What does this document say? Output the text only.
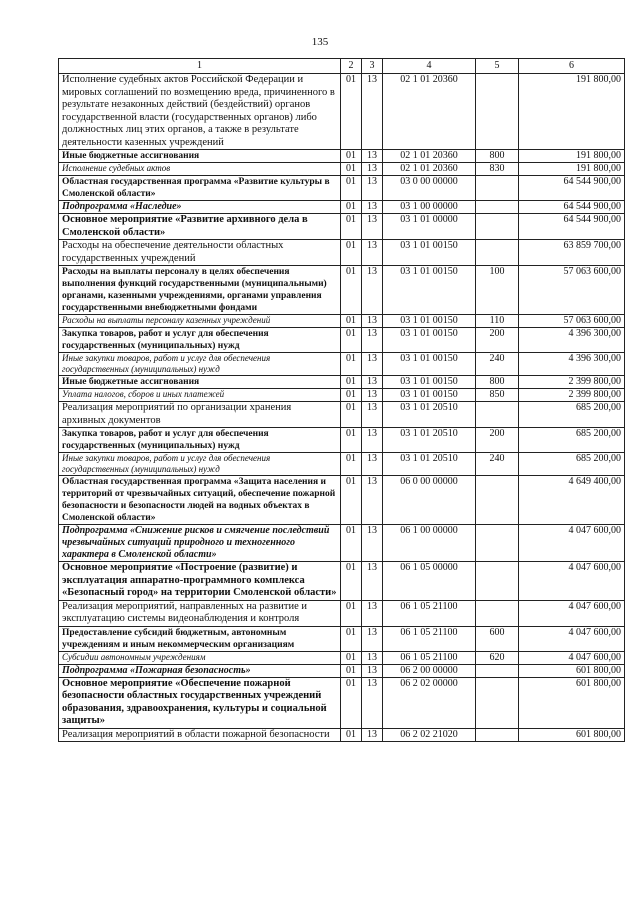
135
1	2	3	4	5	6
Исполнение судебных актов Российской Федерации и мировых соглашений по возмещению вреда, причиненного в результате незаконных действий (бездействий) органов государственной власти (государственных органов) либо должностных лиц этих органов, а также в результате деятельности казенных учреждений	01	13	02 1 01 20360		191 800,00
Иные бюджетные ассигнования	01	13	02 1 01 20360	800	191 800,00
Исполнение судебных актов	01	13	02 1 01 20360	830	191 800,00
Областная государственная программа «Развитие культуры в Смоленской области»	01	13	03 0 00 00000		64 544 900,00
Подпрограмма «Наследие»	01	13	03 1 00 00000		64 544 900,00
Основное мероприятие «Развитие архивного дела в Смоленской области»	01	13	03 1 01 00000		64 544 900,00
Расходы на обеспечение деятельности областных государственных учреждений	01	13	03 1 01 00150		63 859 700,00
Расходы на выплаты персоналу в целях обеспечения выполнения функций государственными (муниципальными) органами, казенными учреждениями, органами управления государственными внебюджетными фондами	01	13	03 1 01 00150	100	57 063 600,00
Расходы на выплаты персоналу казенных учреждений	01	13	03 1 01 00150	110	57 063 600,00
Закупка товаров, работ и услуг для обеспечения государственных (муниципальных) нужд	01	13	03 1 01 00150	200	4 396 300,00
Иные закупки товаров, работ и услуг для обеспечения государственных (муниципальных) нужд	01	13	03 1 01 00150	240	4 396 300,00
Иные бюджетные ассигнования	01	13	03 1 01 00150	800	2 399 800,00
Уплата налогов, сборов и иных платежей	01	13	03 1 01 00150	850	2 399 800,00
Реализация мероприятий по организации хранения архивных документов	01	13	03 1 01 20510		685 200,00
Закупка товаров, работ и услуг для обеспечения государственных (муниципальных) нужд	01	13	03 1 01 20510	200	685 200,00
Иные закупки товаров, работ и услуг для обеспечения государственных (муниципальных) нужд	01	13	03 1 01 20510	240	685 200,00
Областная государственная программа «Защита населения и территорий от чрезвычайных ситуаций, обеспечение пожарной безопасности и безопасности людей на водных объектах в Смоленской области»	01	13	06 0 00 00000		4 649 400,00
Подпрограмма «Снижение рисков и смягчение последствий чрезвычайных ситуаций природного и техногенного характера в Смоленской области»	01	13	06 1 00 00000		4 047 600,00
Основное мероприятие «Построение (развитие) и эксплуатация аппаратно-программного комплекса «Безопасный город» на территории Смоленской области»	01	13	06 1 05 00000		4 047 600,00
Реализация мероприятий, направленных на развитие и эксплуатацию системы видеонаблюдения и контроля	01	13	06 1 05 21100		4 047 600,00
Предоставление субсидий бюджетным, автономным учреждениям и иным некоммерческим организациям	01	13	06 1 05 21100	600	4 047 600,00
Субсидии автономным учреждениям	01	13	06 1 05 21100	620	4 047 600,00
Подпрограмма «Пожарная безопасность»	01	13	06 2 00 00000		601 800,00
Основное мероприятие «Обеспечение пожарной безопасности областных государственных учреждений образования, здравоохранения, культуры и социальной защиты»	01	13	06 2 02 00000		601 800,00
Реализация мероприятий в области пожарной безопасности	01	13	06 2 02 21020		601 800,00
